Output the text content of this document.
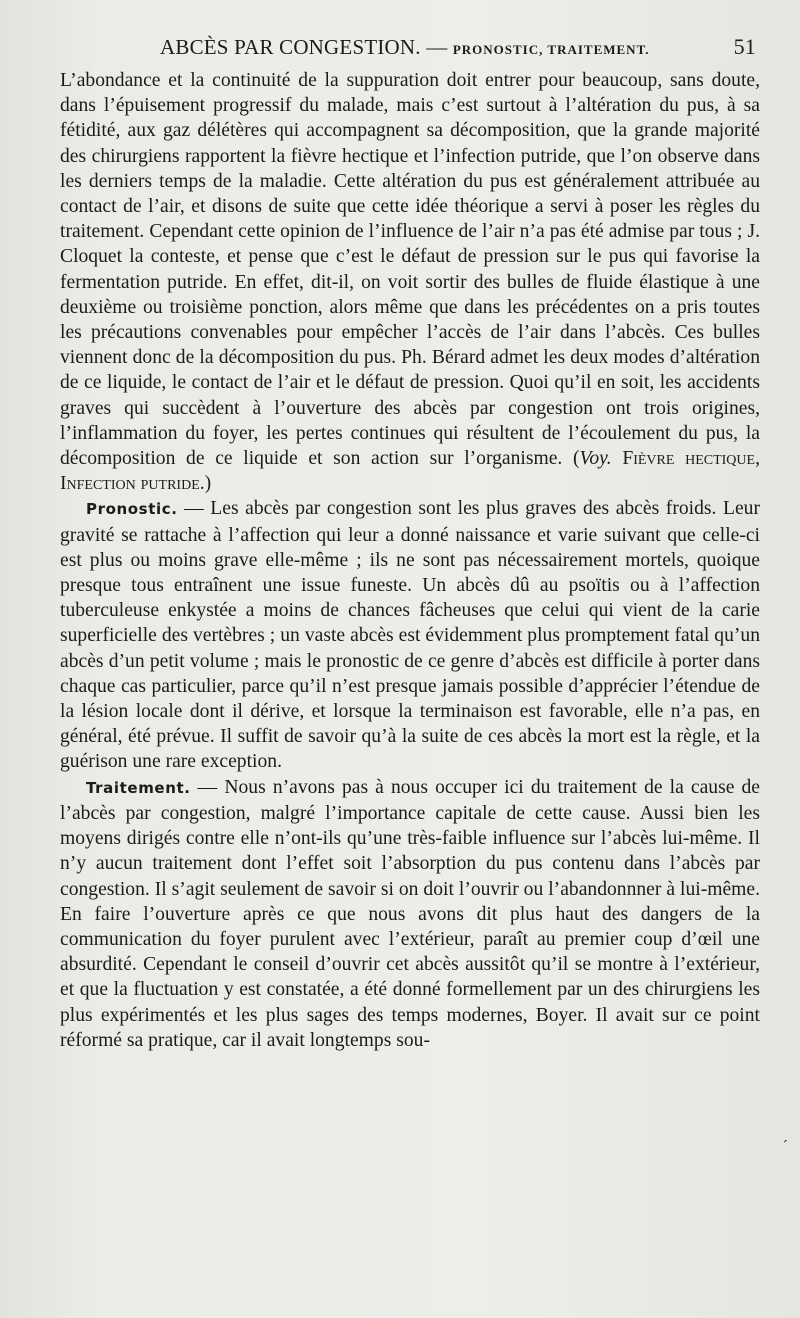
ABCÈS PAR CONGESTION. — PRONOSTIC, TRAITEMENT.	51

L’abondance et la continuité de la suppuration doit entrer pour beaucoup, sans doute, dans l’épuisement progressif du malade, mais c’est surtout à l’altération du pus, à sa fétidité, aux gaz délétères qui accompagnent sa décomposition, que la grande majorité des chirurgiens rapportent la fièvre hectique et l’infection putride, que l’on observe dans les derniers temps de la maladie. Cette altération du pus est généralement attribuée au contact de l’air, et disons de suite que cette idée théorique a servi à poser les règles du traitement. Cependant cette opinion de l’influence de l’air n’a pas été admise par tous ; J. Cloquet la conteste, et pense que c’est le défaut de pression sur le pus qui favorise la fermentation putride. En effet, dit-il, on voit sortir des bulles de fluide élastique à une deuxième ou troisième ponction, alors même que dans les précédentes on a pris toutes les précautions convenables pour empêcher l’accès de l’air dans l’abcès. Ces bulles viennent donc de la décomposition du pus. Ph. Bérard admet les deux modes d’altération de ce liquide, le contact de l’air et le défaut de pression. Quoi qu’il en soit, les accidents graves qui succèdent à l’ouverture des abcès par congestion ont trois origines, l’inflammation du foyer, les pertes continues qui résultent de l’écoulement du pus, la décomposition de ce liquide et son action sur l’organisme. (Voy. Fièvre hectique, Infection putride.)

Pronostic. — Les abcès par congestion sont les plus graves des abcès froids. Leur gravité se rattache à l’affection qui leur a donné naissance et varie suivant que celle-ci est plus ou moins grave elle-même ; ils ne sont pas nécessairement mortels, quoique presque tous entraînent une issue funeste. Un abcès dû au psoïtis ou à l’affection tuberculeuse enkystée a moins de chances fâcheuses que celui qui vient de la carie superficielle des vertèbres ; un vaste abcès est évidemment plus promptement fatal qu’un abcès d’un petit volume ; mais le pronostic de ce genre d’abcès est difficile à porter dans chaque cas particulier, parce qu’il n’est presque jamais possible d’apprécier l’étendue de la lésion locale dont il dérive, et lorsque la terminaison est favorable, elle n’a pas, en général, été prévue. Il suffit de savoir qu’à la suite de ces abcès la mort est la règle, et la guérison une rare exception.

Traitement. — Nous n’avons pas à nous occuper ici du traitement de la cause de l’abcès par congestion, malgré l’importance capitale de cette cause. Aussi bien les moyens dirigés contre elle n’ont-ils qu’une très-faible influence sur l’abcès lui-même. Il n’y aucun traitement dont l’effet soit l’absorption du pus contenu dans l’abcès par congestion. Il s’agit seulement de savoir si on doit l’ouvrir ou l’abandonnner à lui-même. En faire l’ouverture après ce que nous avons dit plus haut des dangers de la communication du foyer purulent avec l’extérieur, paraît au premier coup d’œil une absurdité. Cependant le conseil d’ouvrir cet abcès aussitôt qu’il se montre à l’extérieur, et que la fluctuation y est constatée, a été donné formellement par un des chirurgiens les plus expérimentés et les plus sages des temps modernes, Boyer. Il avait sur ce point réformé sa pratique, car il avait longtemps sou-

´
